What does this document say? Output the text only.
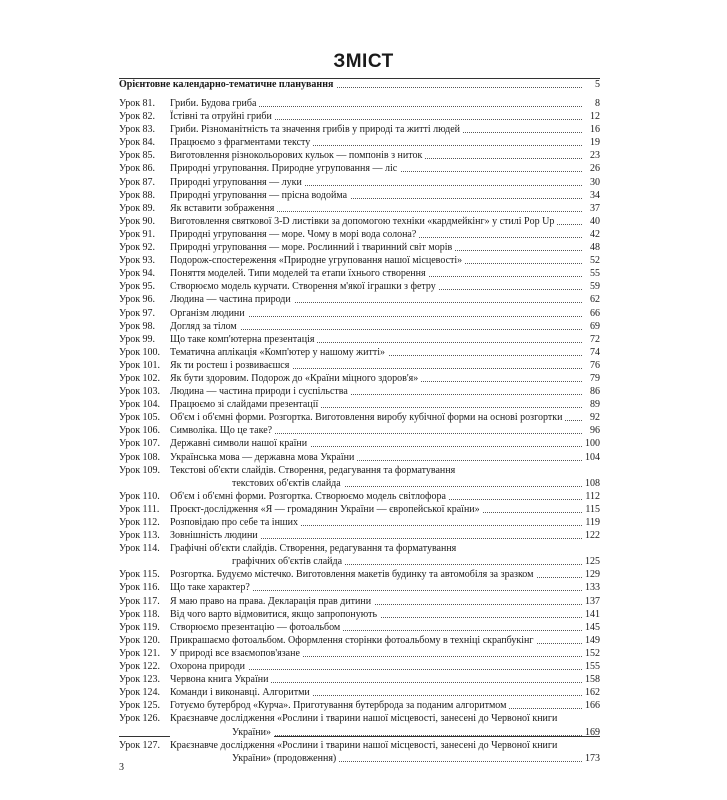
ЗМІСТ
Орієнтовне календарно-тематичне планування	5
Урок 81. Гриби. Будова гриба	8
Урок 82. Їстівні та отруйні гриби	12
Урок 83. Гриби. Різноманітність та значення грибів у природі та житті людей	16
Урок 84. Працюємо з фрагментами тексту	19
Урок 85. Виготовлення різнокольорових кульок — помпонів з ниток	23
Урок 86. Природні угруповання. Природне угруповання — ліс	26
Урок 87. Природні угруповання — луки	30
Урок 88. Природні угруповання — прісна водойма	34
Урок 89. Як вставити зображення	37
Урок 90. Виготовлення святкової 3-D листівки за допомогою техніки «кардмейкінг» у стилі Pop Up	40
Урок 91. Природні угруповання — море. Чому в морі вода солона?	42
Урок 92. Природні угруповання — море. Рослинний і тваринний світ морів	48
Урок 93. Подорож-спостереження «Природне угруповання нашої місцевості»	52
Урок 94. Поняття моделей. Типи моделей та етапи їхнього створення	55
Урок 95. Створюємо модель курчати. Створення м'якої іграшки з фетру	59
Урок 96. Людина — частина природи	62
Урок 97. Організм людини	66
Урок 98. Догляд за тілом	69
Урок 99. Що таке комп'ютерна презентація	72
Урок 100. Тематична аплікація «Комп'ютер у нашому житті»	74
Урок 101. Як ти ростеш і розвиваєшся	76
Урок 102. Як бути здоровим. Подорож до «Країни міцного здоров'я»	79
Урок 103. Людина — частина природи і суспільства	86
Урок 104. Працюємо зі слайдами презентації	89
Урок 105. Об'єм і об'ємні форми. Розгортка. Виготовлення виробу кубічної форми на основі розгортки	92
Урок 106. Символіка. Що це таке?	96
Урок 107. Державні символи нашої країни	100
Урок 108. Українська мова — державна мова України	104
Урок 109. Текстові об'єкти слайдів. Створення, редагування та форматування
текстових об'єктів слайда	108
Урок 110. Об'єм і об'ємні форми. Розгортка. Створюємо модель світлофора	112
Урок 111. Проєкт-дослідження «Я — громадянин України — європейської країни»	115
Урок 112. Розповідаю про себе та інших	119
Урок 113. Зовнішність людини	122
Урок 114. Графічні об'єкти слайдів. Створення, редагування та форматування
графічних об'єктів слайда	125
Урок 115. Розгортка. Будуємо містечко. Виготовлення макетів будинку та автомобіля за зразком	129
Урок 116. Що таке характер?	133
Урок 117. Я маю право на права. Декларація прав дитини	137
Урок 118. Від чого варто відмовитися, якщо запропонують	141
Урок 119. Створюємо презентацію — фотоальбом	145
Урок 120. Прикрашаємо фотоальбом. Оформлення сторінки фотоальбому в техніці скрапбукінг	149
Урок 121. У природі все взаємопов'язане	152
Урок 122. Охорона природи	155
Урок 123. Червона книга України	158
Урок 124. Команди і виконавці. Алгоритми	162
Урок 125. Готуємо бутерброд «Курча». Приготування бутерброда за поданим алгоритмом	166
Урок 126. Краєзнавче дослідження «Рослини і тварини нашої місцевості, занесені до Червоної книги
України»	169
Урок 127. Краєзнавче дослідження «Рослини і тварини нашої місцевості, занесені до Червоної книги
України» (продовження)	173
3
